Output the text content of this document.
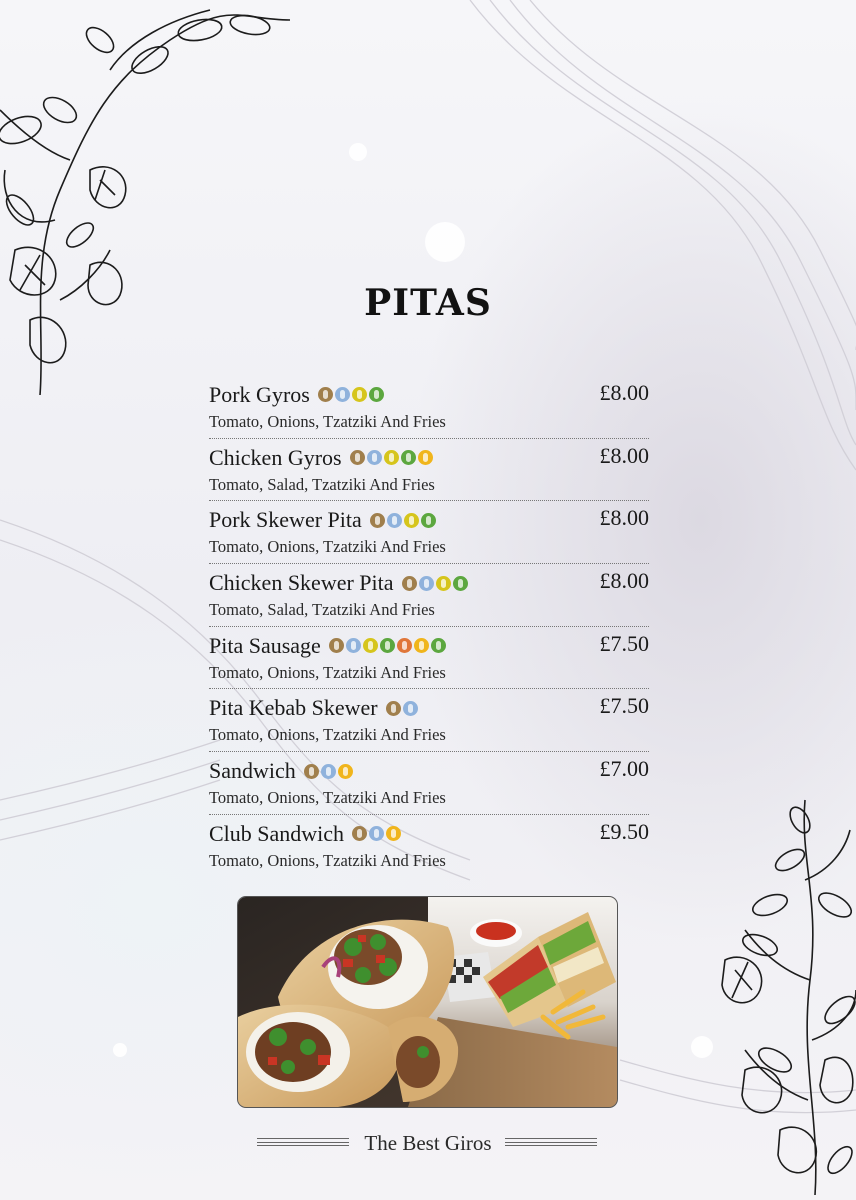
PITAS
Pork Gyros	£8.00
Tomato, Onions, Tzatziki And Fries
Chicken Gyros	£8.00
Tomato, Salad, Tzatziki And Fries
Pork Skewer Pita	£8.00
Tomato, Onions, Tzatziki And Fries
Chicken Skewer Pita	£8.00
Tomato, Salad, Tzatziki And Fries
Pita Sausage	£7.50
Tomato, Onions, Tzatziki And Fries
Pita Kebab Skewer	£7.50
Tomato, Onions, Tzatziki And Fries
Sandwich	£7.00
Tomato, Onions, Tzatziki And Fries
Club Sandwich	£9.50
Tomato, Onions, Tzatziki And Fries
The Best Giros
